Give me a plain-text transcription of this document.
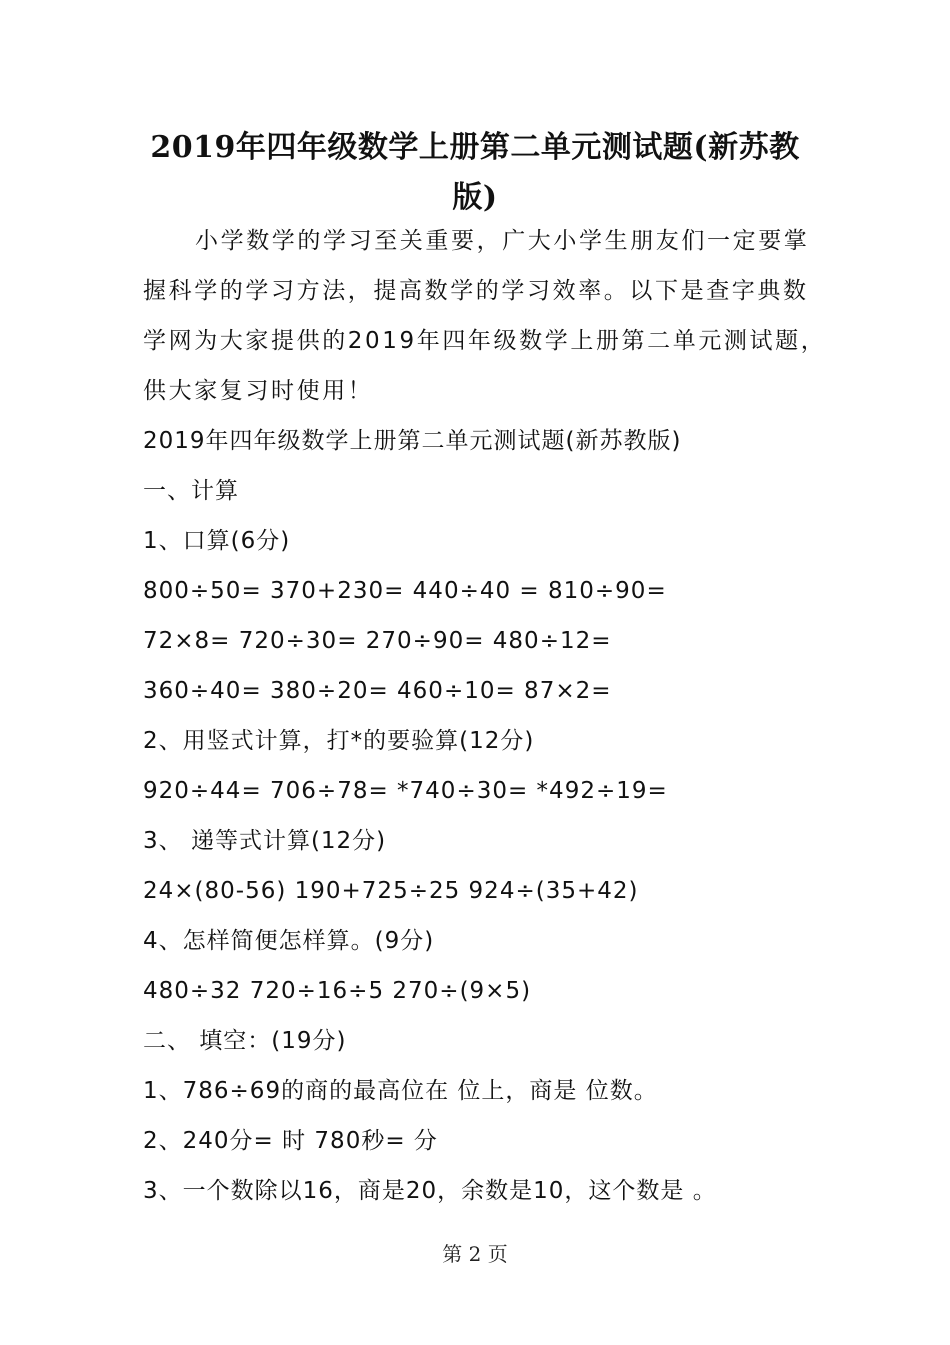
2019年四年级数学上册第二单元测试题(新苏教
版)
小学数学的学习至关重要，广大小学生朋友们一定要掌
握科学的学习方法，提高数学的学习效率。以下是查字典数
学网为大家提供的2019年四年级数学上册第二单元测试题，
供大家复习时使用！
2019年四年级数学上册第二单元测试题(新苏教版)
一、计算
1、口算(6分)
800÷50= 370+230= 440÷40 = 810÷90=
72×8= 720÷30= 270÷90= 480÷12=
360÷40= 380÷20= 460÷10= 87×2=
2、用竖式计算，打*的要验算(12分)
920÷44= 706÷78= *740÷30= *492÷19=
3、 递等式计算(12分)
24×(80-56) 190+725÷25 924÷(35+42)
4、怎样简便怎样算。(9分)
480÷32 720÷16÷5 270÷(9×5)
二、 填空：(19分)
1、786÷69的商的最高位在 位上，商是 位数。
2、240分= 时 780秒= 分
3、一个数除以16，商是20，余数是10，这个数是 。
第 2 页
